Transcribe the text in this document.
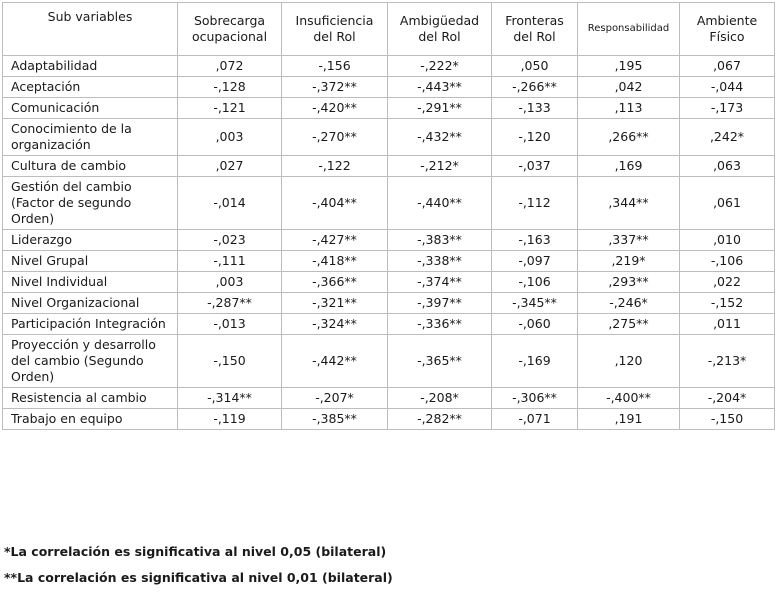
Sub variables	Sobrecarga ocupacional	Insuficiencia del Rol	Ambigüedad del Rol	Fronteras del Rol	Responsabilidad	Ambiente Físico
Adaptabilidad	,072	-,156	-,222*	,050	,195	,067
Aceptación	-,128	-,372**	-,443**	-,266**	,042	-,044
Comunicación	-,121	-,420**	-,291**	-,133	,113	-,173
Conocimiento de la organización	,003	-,270**	-,432**	-,120	,266**	,242*
Cultura de cambio	,027	-,122	-,212*	-,037	,169	,063
Gestión del cambio (Factor de segundo Orden)	-,014	-,404**	-,440**	-,112	,344**	,061
Liderazgo	-,023	-,427**	-,383**	-,163	,337**	,010
Nivel Grupal	-,111	-,418**	-,338**	-,097	,219*	-,106
Nivel Individual	,003	-,366**	-,374**	-,106	,293**	,022
Nivel Organizacional	-,287**	-,321**	-,397**	-,345**	-,246*	-,152
Participación Integración	-,013	-,324**	-,336**	-,060	,275**	,011
Proyección y desarrollo del cambio (Segundo Orden)	-,150	-,442**	-,365**	-,169	,120	-,213*
Resistencia al cambio	-,314**	-,207*	-,208*	-,306**	-,400**	-,204*
Trabajo en equipo	-,119	-,385**	-,282**	-,071	,191	-,150
*La correlación es significativa al nivel 0,05 (bilateral)
**La correlación es significativa al nivel 0,01 (bilateral)
